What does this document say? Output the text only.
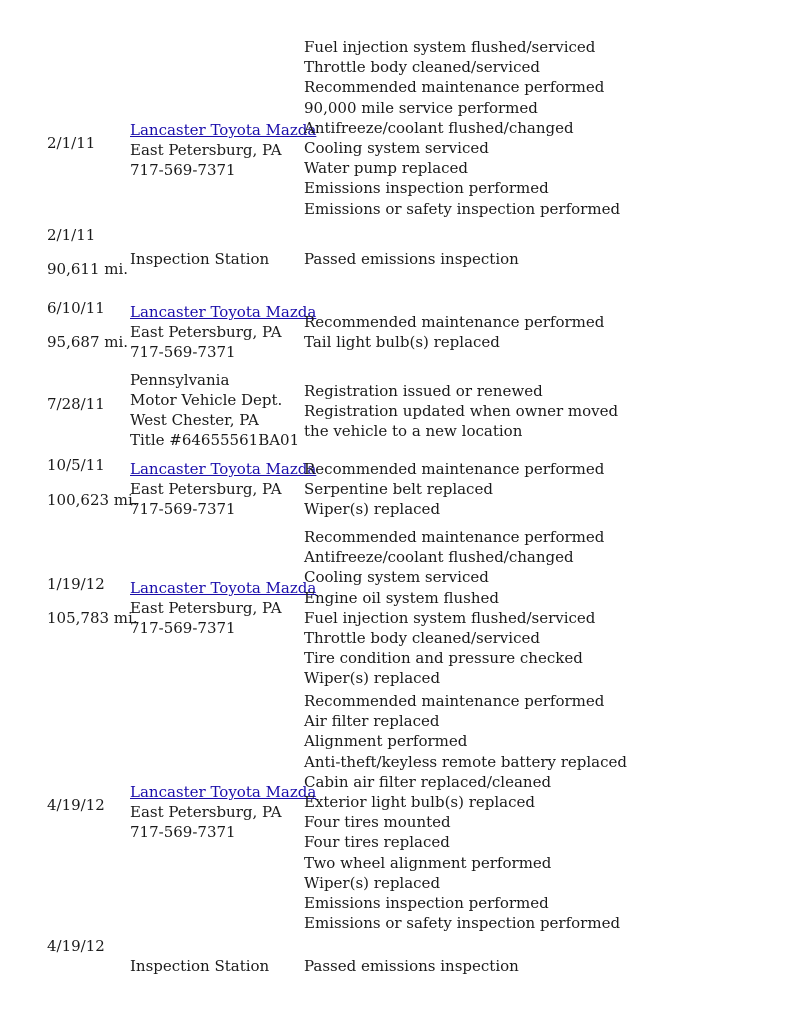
2/1/11
Lancaster Toyota Mazda
East Petersburg, PA
717-569-7371
Fuel injection system flushed/serviced
Throttle body cleaned/serviced
Recommended maintenance performed
90,000 mile service performed
Antifreeze/coolant flushed/changed
Cooling system serviced
Water pump replaced
Emissions inspection performed
Emissions or safety inspection performed
2/1/11
90,611 mi.
Inspection Station Passed emissions inspection
6/10/11
95,687 mi.
Lancaster Toyota Mazda
East Petersburg, PA
717-569-7371
Recommended maintenance performed
Tail light bulb(s) replaced
7/28/11
Pennsylvania
Motor Vehicle Dept.
West Chester, PA
Title #64655561BA01
Registration issued or renewed
Registration updated when owner moved
the vehicle to a new location
10/5/11
100,623 mi.
Lancaster Toyota Mazda
East Petersburg, PA
717-569-7371
Recommended maintenance performed
Serpentine belt replaced
Wiper(s) replaced
1/19/12
105,783 mi.
Lancaster Toyota Mazda
East Petersburg, PA
717-569-7371
Recommended maintenance performed
Antifreeze/coolant flushed/changed
Cooling system serviced
Engine oil system flushed
Fuel injection system flushed/serviced
Throttle body cleaned/serviced
Tire condition and pressure checked
Wiper(s) replaced
4/19/12
Lancaster Toyota Mazda
East Petersburg, PA
717-569-7371
Recommended maintenance performed
Air filter replaced
Alignment performed
Anti-theft/keyless remote battery replaced
Cabin air filter replaced/cleaned
Exterior light bulb(s) replaced
Four tires mounted
Four tires replaced
Two wheel alignment performed
Wiper(s) replaced
Emissions inspection performed
Emissions or safety inspection performed
4/19/12
Inspection Station Passed emissions inspection
